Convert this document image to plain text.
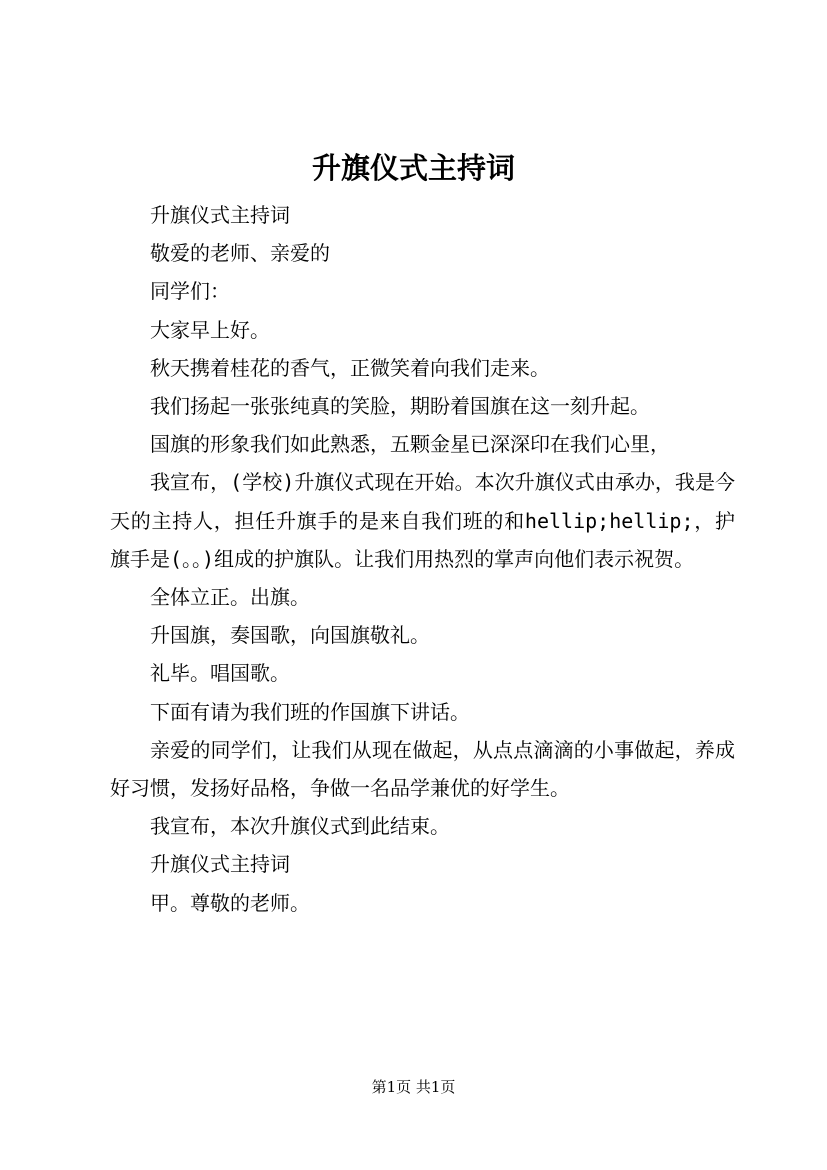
升旗仪式主持词

升旗仪式主持词

敬爱的老师、亲爱的

同学们：

大家早上好。

秋天携着桂花的香气，正微笑着向我们走来。

我们扬起一张张纯真的笑脸，期盼着国旗在这一刻升起。

国旗的形象我们如此熟悉，五颗金星已深深印在我们心里，

我宣布，(学校)升旗仪式现在开始。本次升旗仪式由承办，我是今天的主持人，担任升旗手的是来自我们班的和hellip;hellip;，护旗手是(。。)组成的护旗队。让我们用热烈的掌声向他们表示祝贺。

全体立正。出旗。

升国旗，奏国歌，向国旗敬礼。

礼毕。唱国歌。

下面有请为我们班的作国旗下讲话。

亲爱的同学们，让我们从现在做起，从点点滴滴的小事做起，养成好习惯，发扬好品格，争做一名品学兼优的好学生。

我宣布，本次升旗仪式到此结束。

升旗仪式主持词

甲。尊敬的老师。

第1页 共1页
